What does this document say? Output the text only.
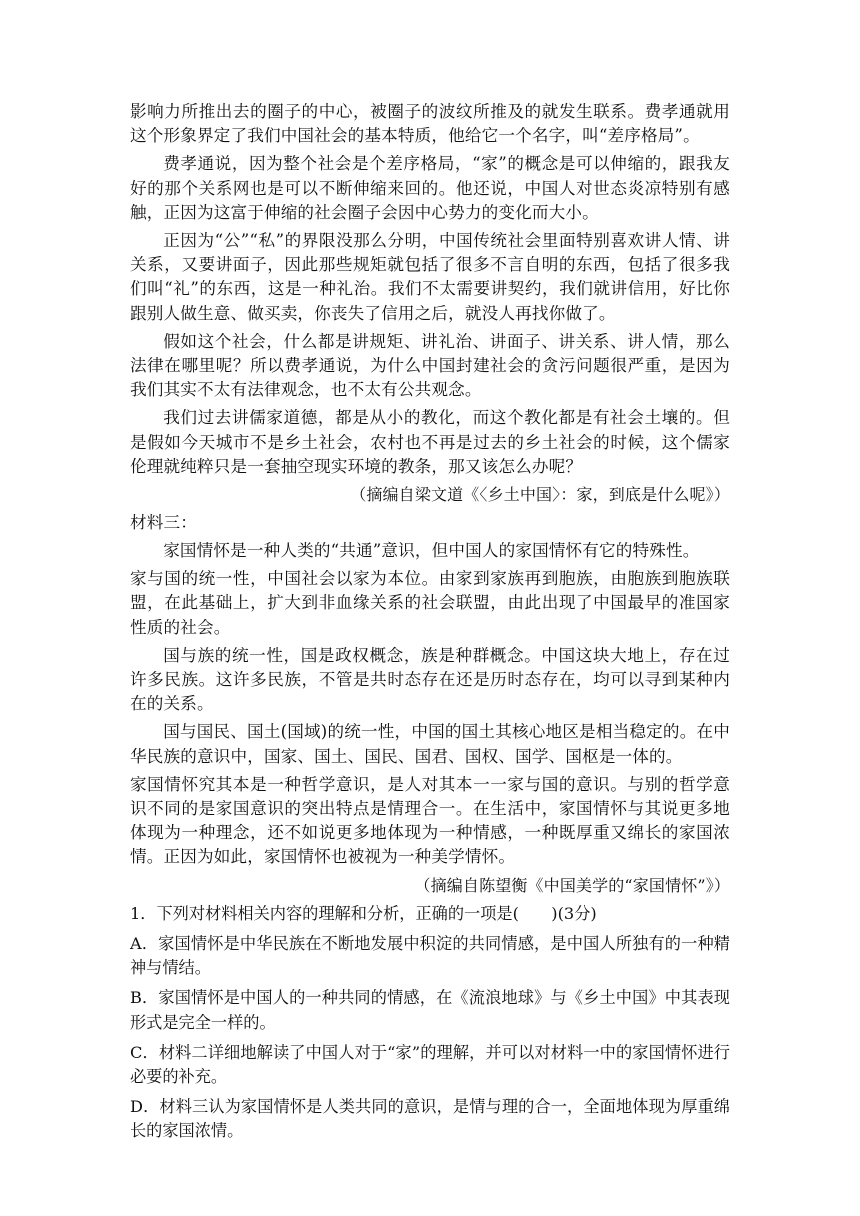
影响力所推出去的圈子的中心，被圈子的波纹所推及的就发生联系。费孝通就用这个形象界定了我们中国社会的基本特质，他给它一个名字，叫“差序格局”。

费孝通说，因为整个社会是个差序格局，“家”的概念是可以伸缩的，跟我友好的那个关系网也是可以不断伸缩来回的。他还说，中国人对世态炎凉特别有感触，正因为这富于伸缩的社会圈子会因中心势力的变化而大小。

正因为“公”“私”的界限没那么分明，中国传统社会里面特别喜欢讲人情、讲关系，又要讲面子，因此那些规矩就包括了很多不言自明的东西，包括了很多我们叫“礼”的东西，这是一种礼治。我们不太需要讲契约，我们就讲信用，好比你跟别人做生意、做买卖，你丧失了信用之后，就没人再找你做了。

假如这个社会，什么都是讲规矩、讲礼治、讲面子、讲关系、讲人情，那么法律在哪里呢？所以费孝通说，为什么中国封建社会的贪污问题很严重，是因为我们其实不太有法律观念，也不太有公共观念。

我们过去讲儒家道德，都是从小的教化，而这个教化都是有社会土壤的。但是假如今天城市不是乡土社会，农村也不再是过去的乡土社会的时候，这个儒家伦理就纯粹只是一套抽空现实环境的教条，那又该怎么办呢？

（摘编自梁文道《〈乡土中国〉：家，到底是什么呢》）

材料三：

家国情怀是一种人类的“共通”意识，但中国人的家国情怀有它的特殊性。

家与国的统一性，中国社会以家为本位。由家到家族再到胞族，由胞族到胞族联盟，在此基础上，扩大到非血缘关系的社会联盟，由此出现了中国最早的准国家性质的社会。

国与族的统一性，国是政权概念，族是种群概念。中国这块大地上，存在过许多民族。这许多民族，不管是共时态存在还是历时态存在，均可以寻到某种内在的关系。

国与国民、国土(国域)的统一性，中国的国土其核心地区是相当稳定的。在中华民族的意识中，国家、国土、国民、国君、国权、国学、国枢是一体的。

家国情怀究其本是一种哲学意识，是人对其本一一家与国的意识。与别的哲学意识不同的是家国意识的突出特点是情理合一。在生活中，家国情怀与其说更多地体现为一种理念，还不如说更多地体现为一种情感，一种既厚重又绵长的家国浓情。正因为如此，家国情怀也被视为一种美学情怀。

（摘编自陈望衡《中国美学的“家国情怀”》）

1．下列对材料相关内容的理解和分析，正确的一项是(　　)(3分)

A．家国情怀是中华民族在不断地发展中积淀的共同情感，是中国人所独有的一种精神与情结。

B．家国情怀是中国人的一种共同的情感，在《流浪地球》与《乡土中国》中其表现形式是完全一样的。

C．材料二详细地解读了中国人对于“家”的理解，并可以对材料一中的家国情怀进行必要的补充。

D．材料三认为家国情怀是人类共同的意识，是情与理的合一，全面地体现为厚重绵长的家国浓情。
